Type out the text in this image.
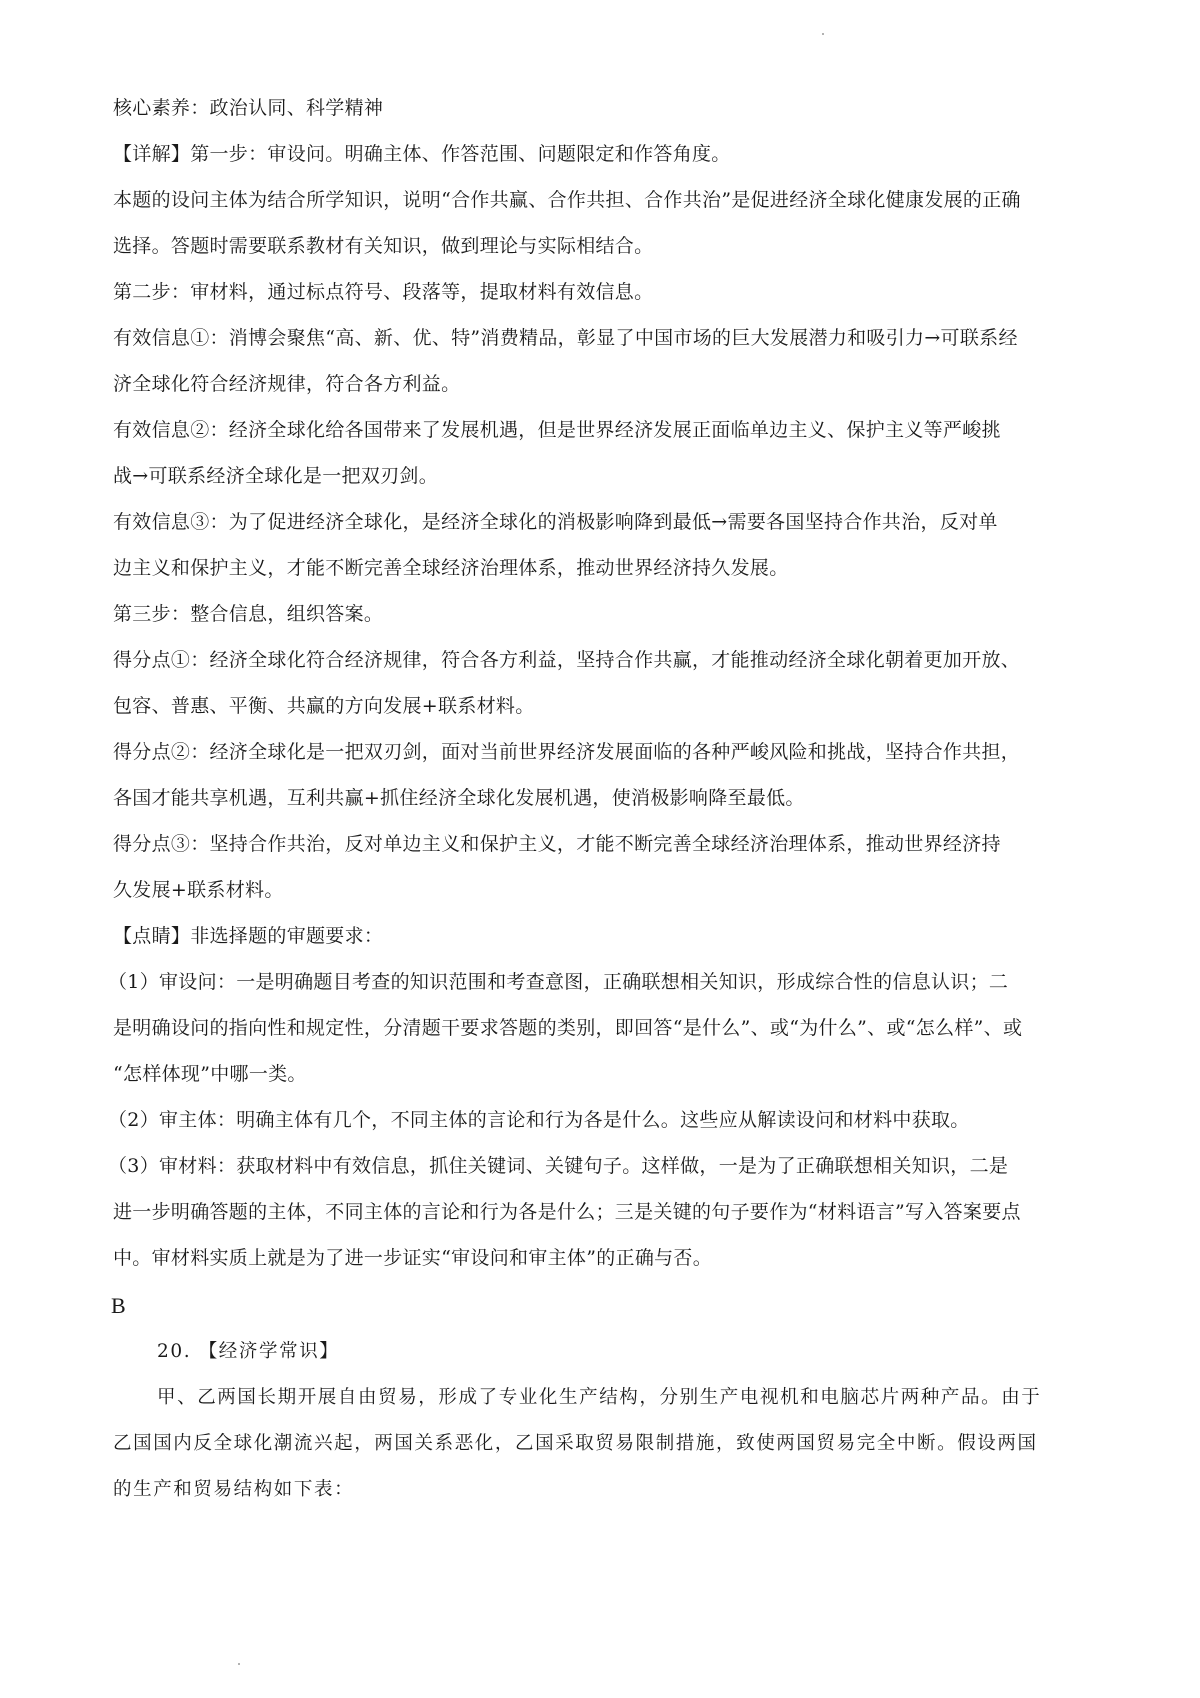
核心素养：政治认同、科学精神
【详解】第一步：审设问。明确主体、作答范围、问题限定和作答角度。
本题的设问主体为结合所学知识，说明“合作共赢、合作共担、合作共治”是促进经济全球化健康发展的正确
选择。答题时需要联系教材有关知识，做到理论与实际相结合。
第二步：审材料，通过标点符号、段落等，提取材料有效信息。
有效信息①：消博会聚焦“高、新、优、特”消费精品，彰显了中国市场的巨大发展潜力和吸引力→可联系经
济全球化符合经济规律，符合各方利益。
有效信息②：经济全球化给各国带来了发展机遇，但是世界经济发展正面临单边主义、保护主义等严峻挑
战→可联系经济全球化是一把双刃剑。
有效信息③：为了促进经济全球化，是经济全球化的消极影响降到最低→需要各国坚持合作共治，反对单
边主义和保护主义，才能不断完善全球经济治理体系，推动世界经济持久发展。
第三步：整合信息，组织答案。
得分点①：经济全球化符合经济规律，符合各方利益，坚持合作共赢，才能推动经济全球化朝着更加开放、
包容、普惠、平衡、共赢的方向发展+联系材料。
得分点②：经济全球化是一把双刃剑，面对当前世界经济发展面临的各种严峻风险和挑战，坚持合作共担，
各国才能共享机遇，互利共赢+抓住经济全球化发展机遇，使消极影响降至最低。
得分点③：坚持合作共治，反对单边主义和保护主义，才能不断完善全球经济治理体系，推动世界经济持
久发展+联系材料。
【点睛】非选择题的审题要求：
（1）审设问：一是明确题目考查的知识范围和考查意图，正确联想相关知识，形成综合性的信息认识；二
是明确设问的指向性和规定性，分清题干要求答题的类别，即回答“是什么”、或“为什么”、或“怎么样”、或
“怎样体现”中哪一类。
（2）审主体：明确主体有几个，不同主体的言论和行为各是什么。这些应从解读设问和材料中获取。
（3）审材料：获取材料中有效信息，抓住关键词、关键句子。这样做，一是为了正确联想相关知识，二是
进一步明确答题的主体，不同主体的言论和行为各是什么；三是关键的句子要作为“材料语言”写入答案要点
中。审材料实质上就是为了进一步证实“审设问和审主体”的正确与否。
B
20. 【经济学常识】
甲、乙两国长期开展自由贸易，形成了专业化生产结构，分别生产电视机和电脑芯片两种产品。由于
乙国国内反全球化潮流兴起，两国关系恶化，乙国采取贸易限制措施，致使两国贸易完全中断。假设两国
的生产和贸易结构如下表：
